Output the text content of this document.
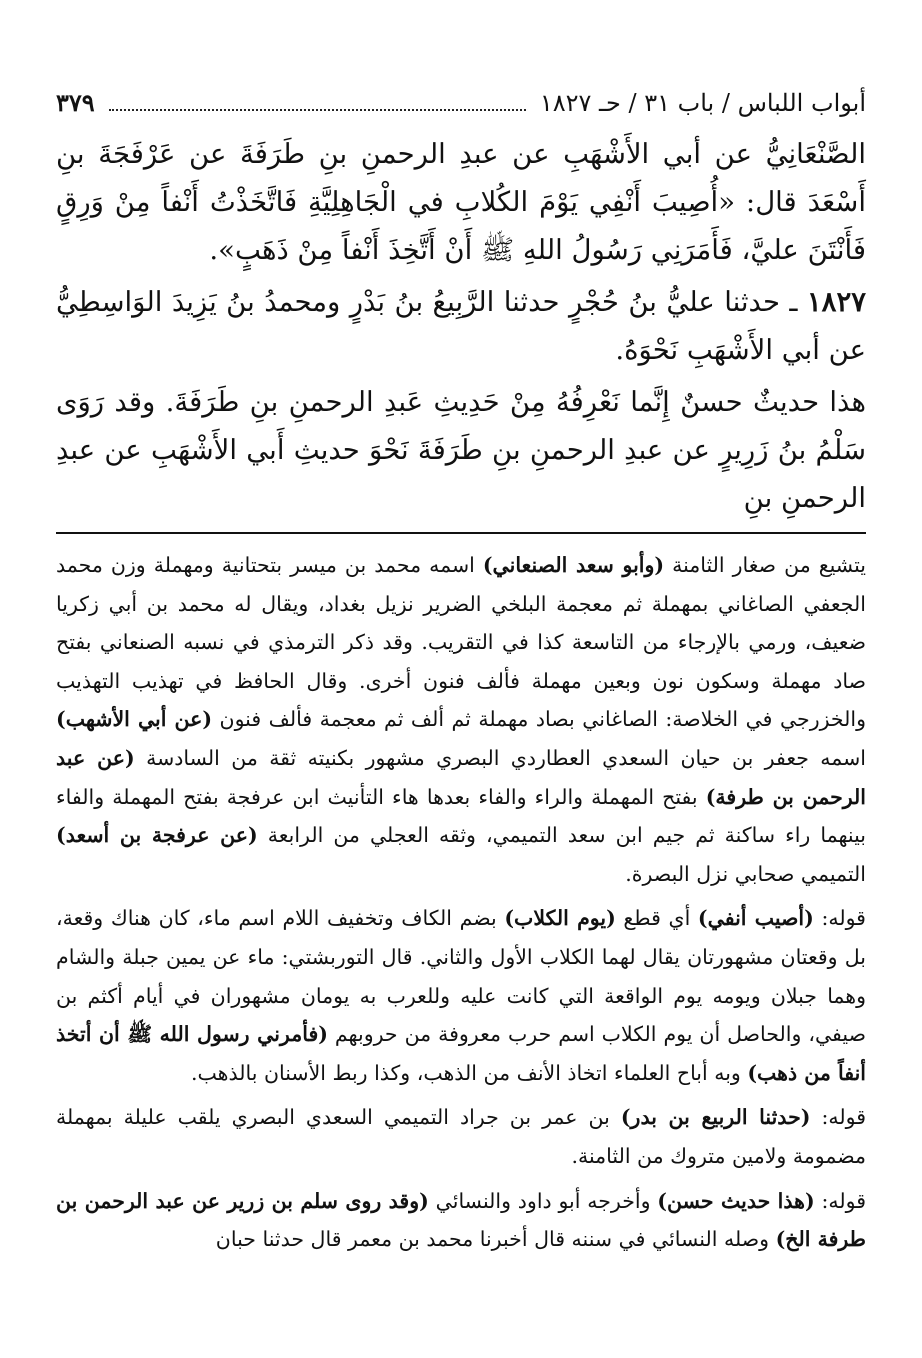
أبواب اللباس / باب ٣١ / حـ ١٨٢٧
٣٧٩

الصَّنْعَانِيُّ عن أبي الأَشْهَبِ عن عبدِ الرحمنِ بنِ طَرَفَةَ عن عَرْفَجَةَ بنِ أَسْعَدَ قال: «أُصِيبَ أَنْفِي يَوْمَ الكُلابِ في الْجَاهِلِيَّةِ فَاتَّخَذْتُ أَنْفاً مِنْ وَرِقٍ فَأَنْتَنَ عليَّ، فَأَمَرَنِي رَسُولُ اللهِ ﷺ أَنْ أَتَّخِذَ أَنْفاً مِنْ ذَهَبٍ».

١٨٢٧ ـ حدثنا عليُّ بنُ حُجْرٍ حدثنا الرَّبِيعُ بنُ بَدْرٍ ومحمدُ بنُ يَزِيدَ الوَاسِطِيُّ عن أبي الأَشْهَبِ نَحْوَهُ.

هذا حديثٌ حسنٌ إِنَّما نَعْرِفُهُ مِنْ حَدِيثِ عَبدِ الرحمنِ بنِ طَرَفَةَ. وقد رَوَى سَلْمُ بنُ زَرِيرٍ عن عبدِ الرحمنِ بنِ طَرَفَةَ نَحْوَ حديثِ أَبي الأَشْهَبِ عن عبدِ الرحمنِ بنِ

يتشيع من صغار الثامنة (وأبو سعد الصنعاني) اسمه محمد بن ميسر بتحتانية ومهملة وزن محمد الجعفي الصاغاني بمهملة ثم معجمة البلخي الضرير نزيل بغداد، ويقال له محمد بن أبي زكريا ضعيف، ورمي بالإرجاء من التاسعة كذا في التقريب. وقد ذكر الترمذي في نسبه الصنعاني بفتح صاد مهملة وسكون نون وبعين مهملة فألف فنون أخرى. وقال الحافظ في تهذيب التهذيب والخزرجي في الخلاصة: الصاغاني بصاد مهملة ثم ألف ثم معجمة فألف فنون (عن أبي الأشهب) اسمه جعفر بن حيان السعدي العطاردي البصري مشهور بكنيته ثقة من السادسة (عن عبد الرحمن بن طرفة) بفتح المهملة والراء والفاء بعدها هاء التأنيث ابن عرفجة بفتح المهملة والفاء بينهما راء ساكنة ثم جيم ابن سعد التميمي، وثقه العجلي من الرابعة (عن عرفجة بن أسعد) التميمي صحابي نزل البصرة.

قوله: (أصيب أنفي) أي قطع (يوم الكلاب) بضم الكاف وتخفيف اللام اسم ماء، كان هناك وقعة، بل وقعتان مشهورتان يقال لهما الكلاب الأول والثاني. قال التوربشتي: ماء عن يمين جبلة والشام وهما جبلان ويومه يوم الواقعة التي كانت عليه وللعرب به يومان مشهوران في أيام أكثم بن صيفي، والحاصل أن يوم الكلاب اسم حرب معروفة من حروبهم (فأمرني رسول الله ﷺ أن أتخذ أنفاً من ذهب) وبه أباح العلماء اتخاذ الأنف من الذهب، وكذا ربط الأسنان بالذهب.

قوله: (حدثنا الربيع بن بدر) بن عمر بن جراد التميمي السعدي البصري يلقب عليلة بمهملة مضمومة ولامين متروك من الثامنة.

قوله: (هذا حديث حسن) وأخرجه أبو داود والنسائي (وقد روى سلم بن زرير عن عبد الرحمن بن طرفة الخ) وصله النسائي في سننه قال أخبرنا محمد بن معمر قال حدثنا حبان
